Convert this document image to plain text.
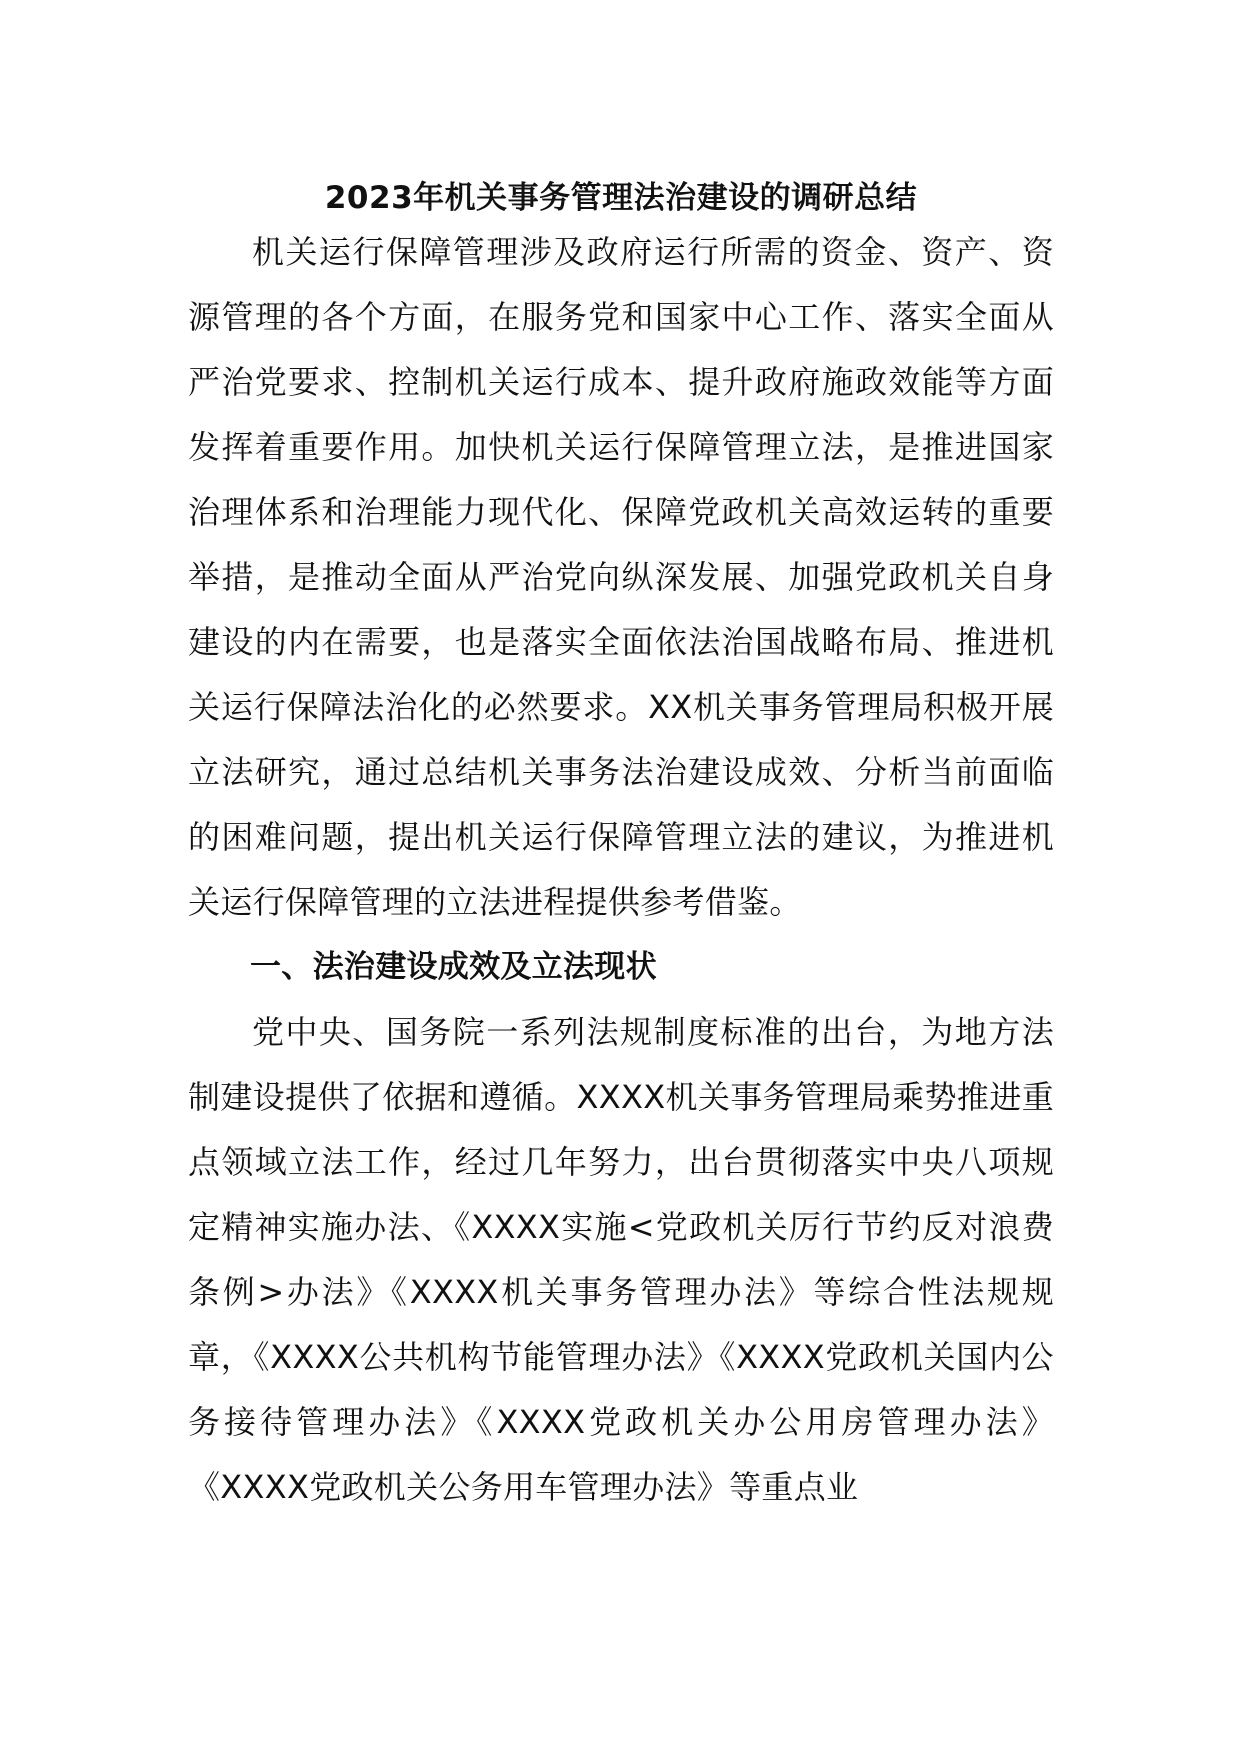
2023年机关事务管理法治建设的调研总结

机关运行保障管理涉及政府运行所需的资金、资产、资源管理的各个方面，在服务党和国家中心工作、落实全面从严治党要求、控制机关运行成本、提升政府施政效能等方面发挥着重要作用。加快机关运行保障管理立法，是推进国家治理体系和治理能力现代化、保障党政机关高效运转的重要举措，是推动全面从严治党向纵深发展、加强党政机关自身建设的内在需要，也是落实全面依法治国战略布局、推进机关运行保障法治化的必然要求。XX机关事务管理局积极开展立法研究，通过总结机关事务法治建设成效、分析当前面临的困难问题，提出机关运行保障管理立法的建议，为推进机关运行保障管理的立法进程提供参考借鉴。

一、法治建设成效及立法现状

党中央、国务院一系列法规制度标准的出台，为地方法制建设提供了依据和遵循。XXXX机关事务管理局乘势推进重点领域立法工作，经过几年努力，出台贯彻落实中央八项规定精神实施办法、《XXXX实施<党政机关厉行节约反对浪费条例>办法》《XXXX机关事务管理办法》等综合性法规规章，《XXXX公共机构节能管理办法》《XXXX党政机关国内公务接待管理办法》《XXXX党政机关办公用房管理办法》《XXXX党政机关公务用车管理办法》等重点业
